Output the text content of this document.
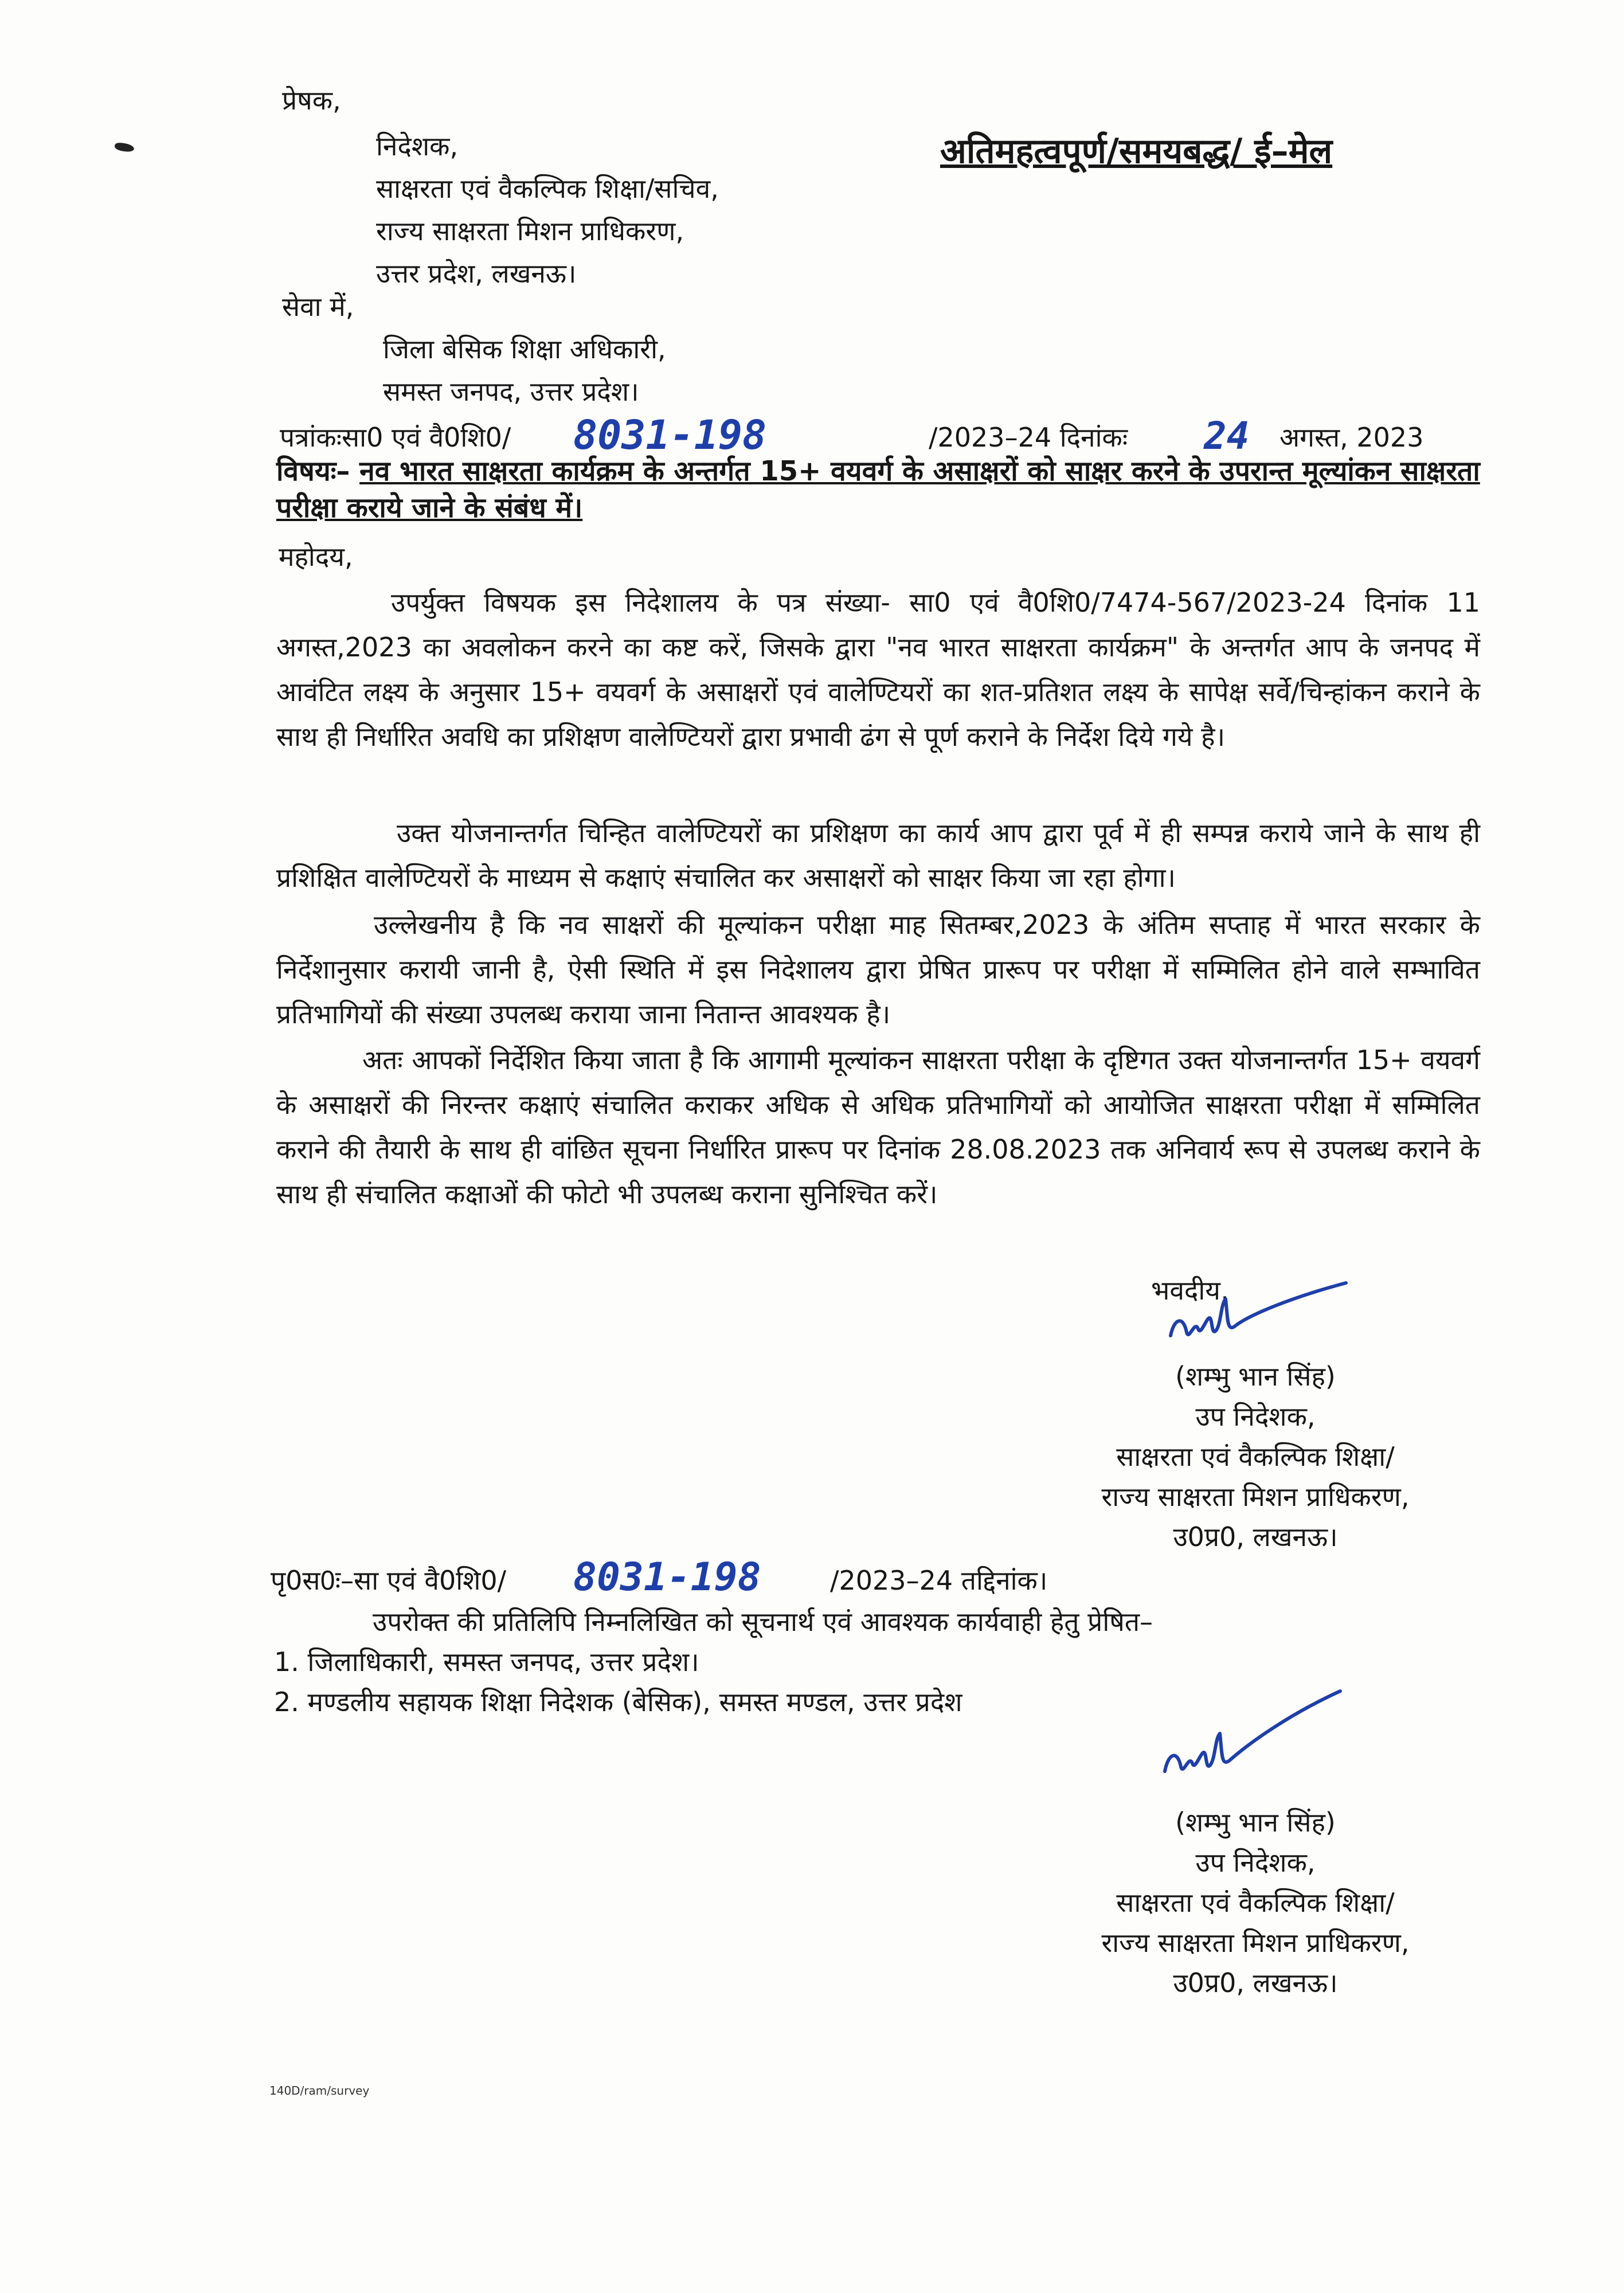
प्रेषक,
निदेशक,
साक्षरता एवं वैकल्पिक शिक्षा/सचिव,
राज्य साक्षरता मिशन प्राधिकरण,
उत्तर प्रदेश, लखनऊ।
अतिमहत्वपूर्ण/समयबद्ध/ ई–मेल
सेवा में,
जिला बेसिक शिक्षा अधिकारी,
समस्त जनपद, उत्तर प्रदेश।
पत्रांकःसा0 एवं वै0शि0/ 8031-198	/2023–24 दिनांकः 24 अगस्त, 2023
विषयः– नव भारत साक्षरता कार्यक्रम के अन्तर्गत 15+ वयवर्ग के असाक्षरों को साक्षर करने के उपरान्त मूल्यांकन साक्षरता परीक्षा कराये जाने के संबंध में।
महोदय,
उपर्युक्त विषयक इस निदेशालय के पत्र संख्या- सा0 एवं वै0शि0/7474-567/2023-24 दिनांक 11 अगस्त,2023 का अवलोकन करने का कष्ट करें, जिसके द्वारा "नव भारत साक्षरता कार्यक्रम" के अन्तर्गत आप के जनपद में आवंटित लक्ष्य के अनुसार 15+ वयवर्ग के असाक्षरों एवं वालेण्टियरों का शत-प्रतिशत लक्ष्य के सापेक्ष सर्वे/चिन्हांकन कराने के साथ ही निर्धारित अवधि का प्रशिक्षण वालेण्टियरों द्वारा प्रभावी ढंग से पूर्ण कराने के निर्देश दिये गये है।
उक्त योजनान्तर्गत चिन्हित वालेण्टियरों का प्रशिक्षण का कार्य आप द्वारा पूर्व में ही सम्पन्न कराये जाने के साथ ही प्रशिक्षित वालेण्टियरों के माध्यम से कक्षाएं संचालित कर असाक्षरों को साक्षर किया जा रहा होगा।
उल्लेखनीय है कि नव साक्षरों की मूल्यांकन परीक्षा माह सितम्बर,2023 के अंतिम सप्ताह में भारत सरकार के निर्देशानुसार करायी जानी है, ऐसी स्थिति में इस निदेशालय द्वारा प्रेषित प्रारूप पर परीक्षा में सम्मिलित होने वाले सम्भावित प्रतिभागियों की संख्या उपलब्ध कराया जाना नितान्त आवश्यक है।
अतः आपकों निर्देशित किया जाता है कि आगामी मूल्यांकन साक्षरता परीक्षा के दृष्टिगत उक्त योजनान्तर्गत 15+ वयवर्ग के असाक्षरों की निरन्तर कक्षाएं संचालित कराकर अधिक से अधिक प्रतिभागियों को आयोजित साक्षरता परीक्षा में सम्मिलित कराने की तैयारी के साथ ही वांछित सूचना निर्धारित प्रारूप पर दिनांक 28.08.2023 तक अनिवार्य रूप से उपलब्ध कराने के साथ ही संचालित कक्षाओं की फोटो भी उपलब्ध कराना सुनिश्चित करें।
भवदीय,
(शम्भु भान सिंह)
उप निदेशक,
साक्षरता एवं वैकल्पिक शिक्षा/
राज्य साक्षरता मिशन प्राधिकरण,
उ0प्र0, लखनऊ।
पृ0स0ः–सा एवं वै0शि0/ 8031-198	/2023–24 तद्दिनांक।
उपरोक्त की प्रतिलिपि निम्नलिखित को सूचनार्थ एवं आवश्यक कार्यवाही हेतु प्रेषित–
1. जिलाधिकारी, समस्त जनपद, उत्तर प्रदेश।
2. मण्डलीय सहायक शिक्षा निदेशक (बेसिक), समस्त मण्डल, उत्तर प्रदेश
(शम्भु भान सिंह)
उप निदेशक,
साक्षरता एवं वैकल्पिक शिक्षा/
राज्य साक्षरता मिशन प्राधिकरण,
उ0प्र0, लखनऊ।
140D/ram/survey
